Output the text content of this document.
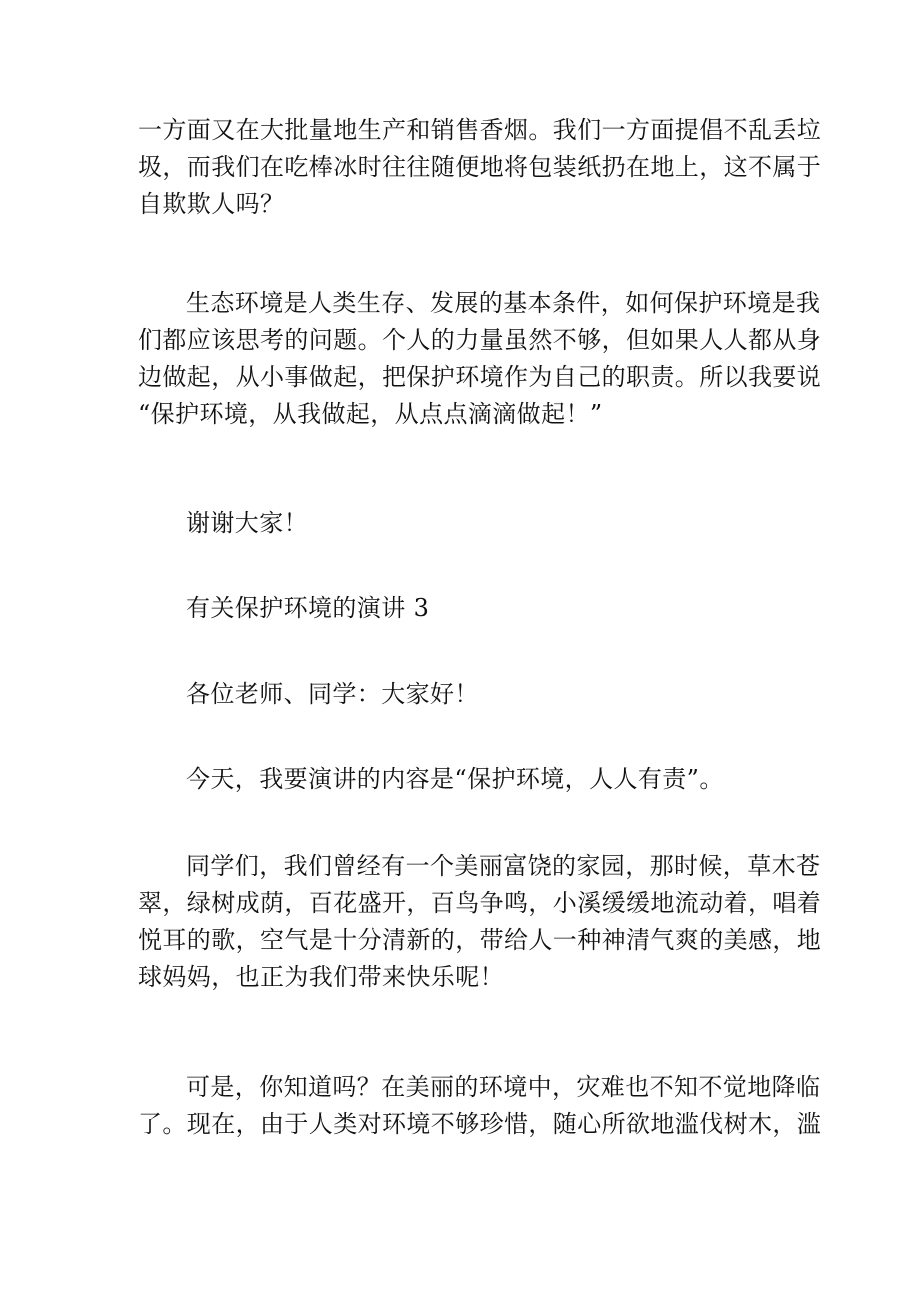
一方面又在大批量地生产和销售香烟。我们一方面提倡不乱丢垃
圾，而我们在吃棒冰时往往随便地将包装纸扔在地上，这不属于
自欺欺人吗？
生态环境是人类生存、发展的基本条件，如何保护环境是我
们都应该思考的问题。个人的力量虽然不够，但如果人人都从身
边做起，从小事做起，把保护环境作为自己的职责。所以我要说
“保护环境，从我做起，从点点滴滴做起！”
谢谢大家！
有关保护环境的演讲 3
各位老师、同学：大家好！
今天，我要演讲的内容是“保护环境，人人有责”。
同学们，我们曾经有一个美丽富饶的家园，那时候，草木苍
翠，绿树成荫，百花盛开，百鸟争鸣，小溪缓缓地流动着，唱着
悦耳的歌，空气是十分清新的，带给人一种神清气爽的美感，地
球妈妈，也正为我们带来快乐呢！
可是，你知道吗？在美丽的环境中，灾难也不知不觉地降临
了。现在，由于人类对环境不够珍惜，随心所欲地滥伐树木，滥
